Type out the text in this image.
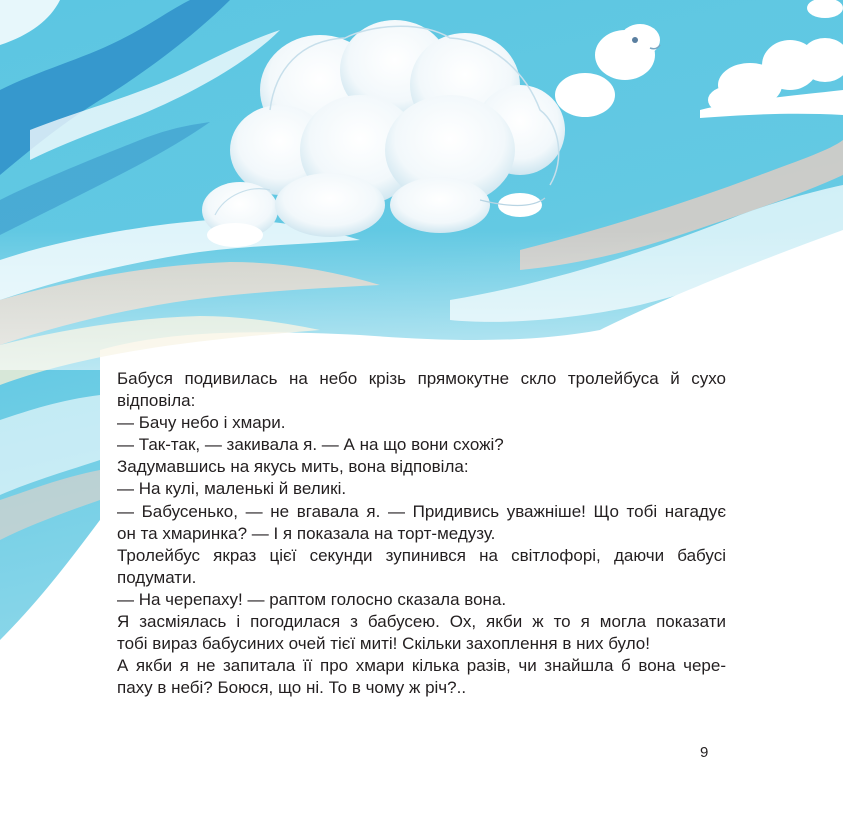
Бабуся подивилась на небо крізь прямокутне скло тролейбуса й сухо

відповіла:

— Бачу небо і хмари.

— Так-так, — закивала я. — А на що вони схожі?

Задумавшись на якусь мить, вона відповіла:

— На кулі, маленькі й великі.

— Бабусенько, — не вгавала я. — Придивись уважніше! Що тобі нагадує

он та хмаринка? — І я показала на торт-медузу.

Тролейбус якраз цієї секунди зупинився на світлофорі, даючи бабусі

подумати.

— На черепаху! — раптом голосно сказала вона.

Я засміялась і погодилася з бабусею. Ох, якби ж то я могла показати

тобі вираз бабусиних очей тієї миті! Скільки захоплення в них було!

А якби я не запитала її про хмари кілька разів, чи знайшла б вона чере-

паху в небі? Боюся, що ні. То в чому ж річ?..

9
